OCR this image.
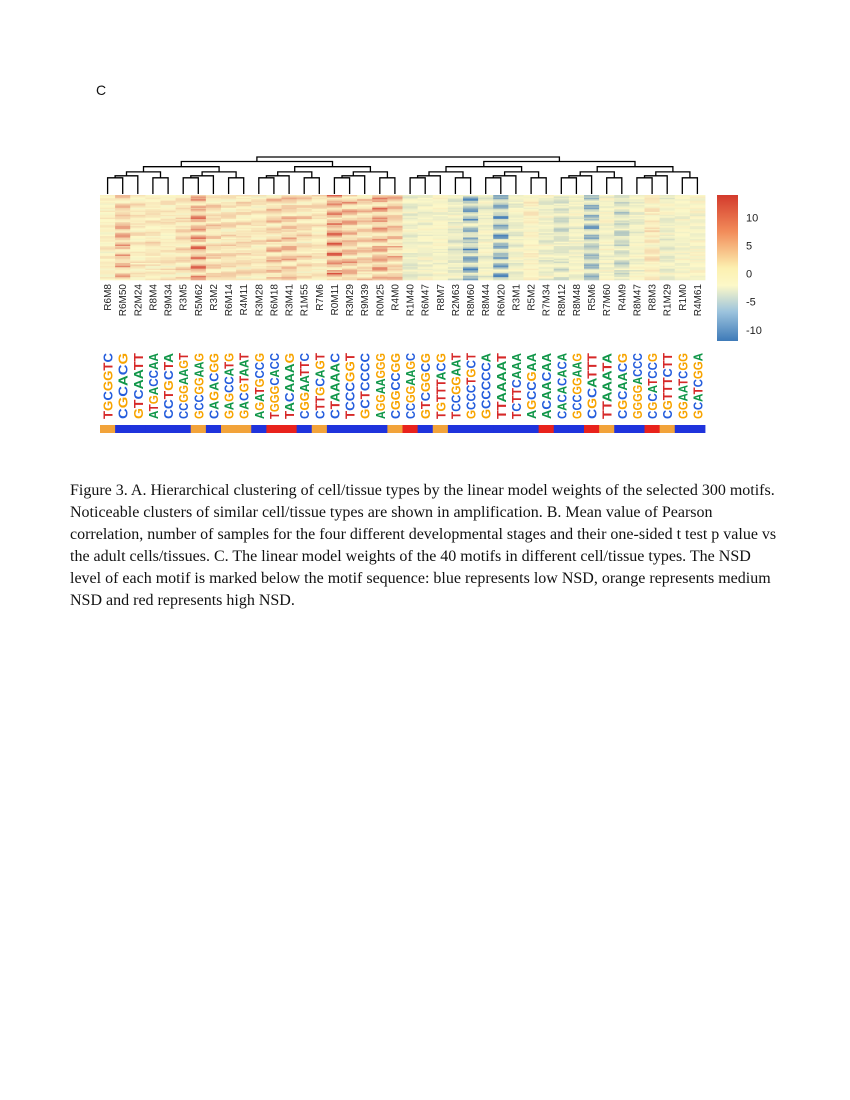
C
R6M8 R6M50 R2M24 R8M4 R9M34 R3M5 R5M62 R3M2 R6M14 R4M11 R3M28 R6M18 R3M41 R1M55 R7M6 R0M11 R3M29 R9M39 R0M25 R4M0 R1M40 R6M47 R8M7 R2M63 R8M60 R8M44 R6M20 R3M1 R5M2 R7M34 R8M12 R8M48 R5M6 R7M60 R4M9 R8M47 R8M3 R1M29 R1M0 R4M61
TGCGGTC
CGCACG
GTCAATT
ATGACCAA
CCTGCTA
CCGGAAGT
GCCGGAAG
CAGACGG
GAGCCATG
GACGTAAT
AGATGCCG
TGGGCACC
TACAAAG
CGGAATTC
CTTGCAGT
CTAAAAC
TCCCGGT
GCTCCCC
AGGAAGGG
CGGCCGG
CCGGAAGC
GTCGGCG
TGTTTACG
TCCGGAAT
GCCCTGCT
GCCCCCA
TTAAAAT
TCTTCAAA
AGCCGAA
ACAACAA
CACACACA
GCCGGAAG
CGCATTT
TTAAATA
CGCAACG
GGGGACCC
CGCATCCG
CGTTTCTT
GGAATCGG
GCATCGGA
10
5
0
-5
-10

Figure 3. A. Hierarchical clustering of cell/tissue types by the linear model weights of the selected 300 motifs. Noticeable clusters of similar cell/tissue types are shown in amplification. B. Mean value of Pearson correlation, number of samples for the four different developmental stages and their one-sided t test p value vs the adult cells/tissues. C. The linear model weights of the 40 motifs in different cell/tissue types. The NSD level of each motif is marked below the motif sequence: blue represents low NSD, orange represents medium NSD and red represents high NSD.
